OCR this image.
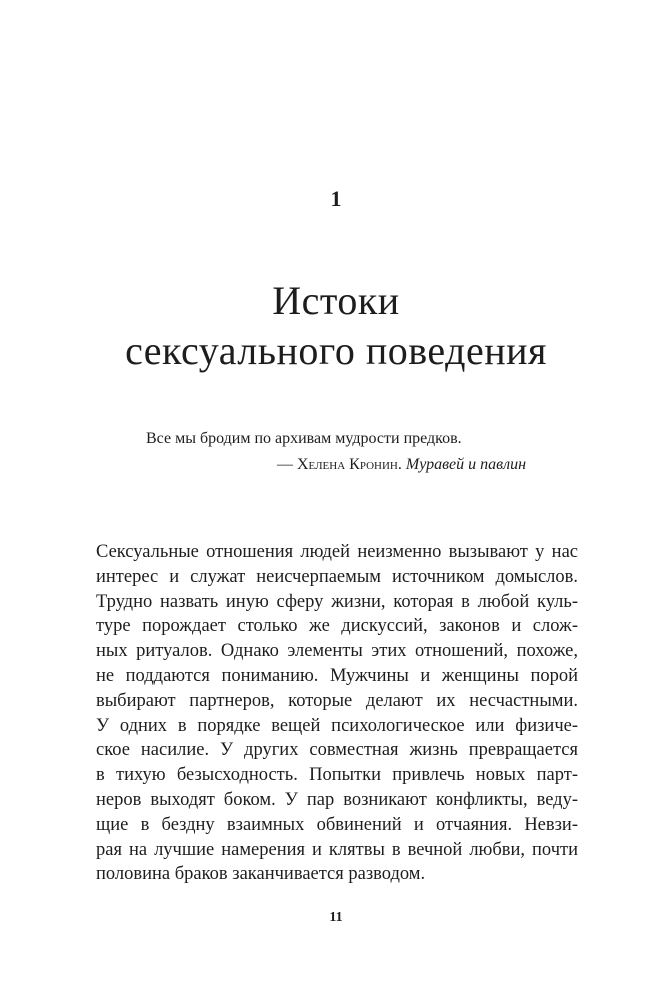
1
Истоки
сексуального поведения
Все мы бродим по архивам мудрости предков.
— Хелена Кронин. Муравей и павлин
Сексуальные отношения людей неизменно вызывают у нас
интерес и служат неисчерпаемым источником домыслов.
Трудно назвать иную сферу жизни, которая в любой куль-
туре порождает столько же дискуссий, законов и слож-
ных ритуалов. Однако элементы этих отношений, похоже,
не поддаются пониманию. Мужчины и женщины порой
выбирают партнеров, которые делают их несчастными.
У одних в порядке вещей психологическое или физиче-
ское насилие. У других совместная жизнь превращается
в тихую безысходность. Попытки привлечь новых парт-
неров выходят боком. У пар возникают конфликты, веду-
щие в бездну взаимных обвинений и отчаяния. Невзи-
рая на лучшие намерения и клятвы в вечной любви, почти
половина браков заканчивается разводом.
11
